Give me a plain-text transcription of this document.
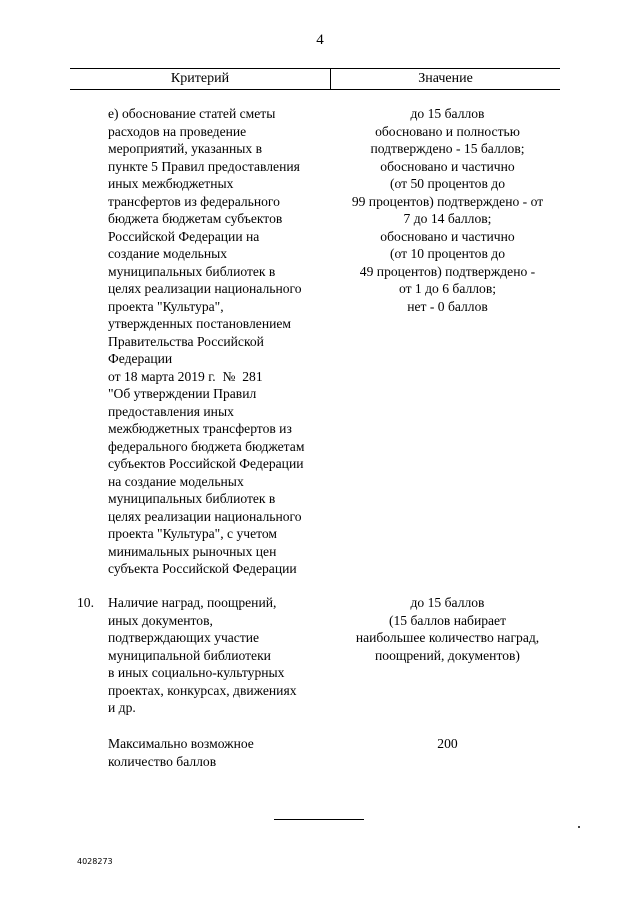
4
Критерий	Значение
е) обоснование статей сметы
расходов на проведение
мероприятий, указанных в
пункте 5 Правил предоставления
иных межбюджетных
трансфертов из федерального
бюджета бюджетам субъектов
Российской Федерации на
создание модельных
муниципальных библиотек в
целях реализации национального
проекта "Культура",
утвержденных постановлением
Правительства Российской
Федерации
от 18 марта 2019 г.  №  281
"Об утверждении Правил
предоставления иных
межбюджетных трансфертов из
федерального бюджета бюджетам
субъектов Российской Федерации
на создание модельных
муниципальных библиотек в
целях реализации национального
проекта "Культура", с учетом
минимальных рыночных цен
субъекта Российской Федерации
до 15 баллов
обосновано и полностью
подтверждено - 15 баллов;
обосновано и частично
(от 50 процентов до
99 процентов) подтверждено - от
7 до 14 баллов;
обосновано и частично
(от 10 процентов до
49 процентов) подтверждено -
от 1 до 6 баллов;
нет - 0 баллов
10. Наличие наград, поощрений,
иных документов,
подтверждающих участие
муниципальной библиотеки
в иных социально-культурных
проектах, конкурсах, движениях
и др.
до 15 баллов
(15 баллов набирает
наибольшее количество наград,
поощрений, документов)
Максимально возможное
количество баллов
200
4028273
